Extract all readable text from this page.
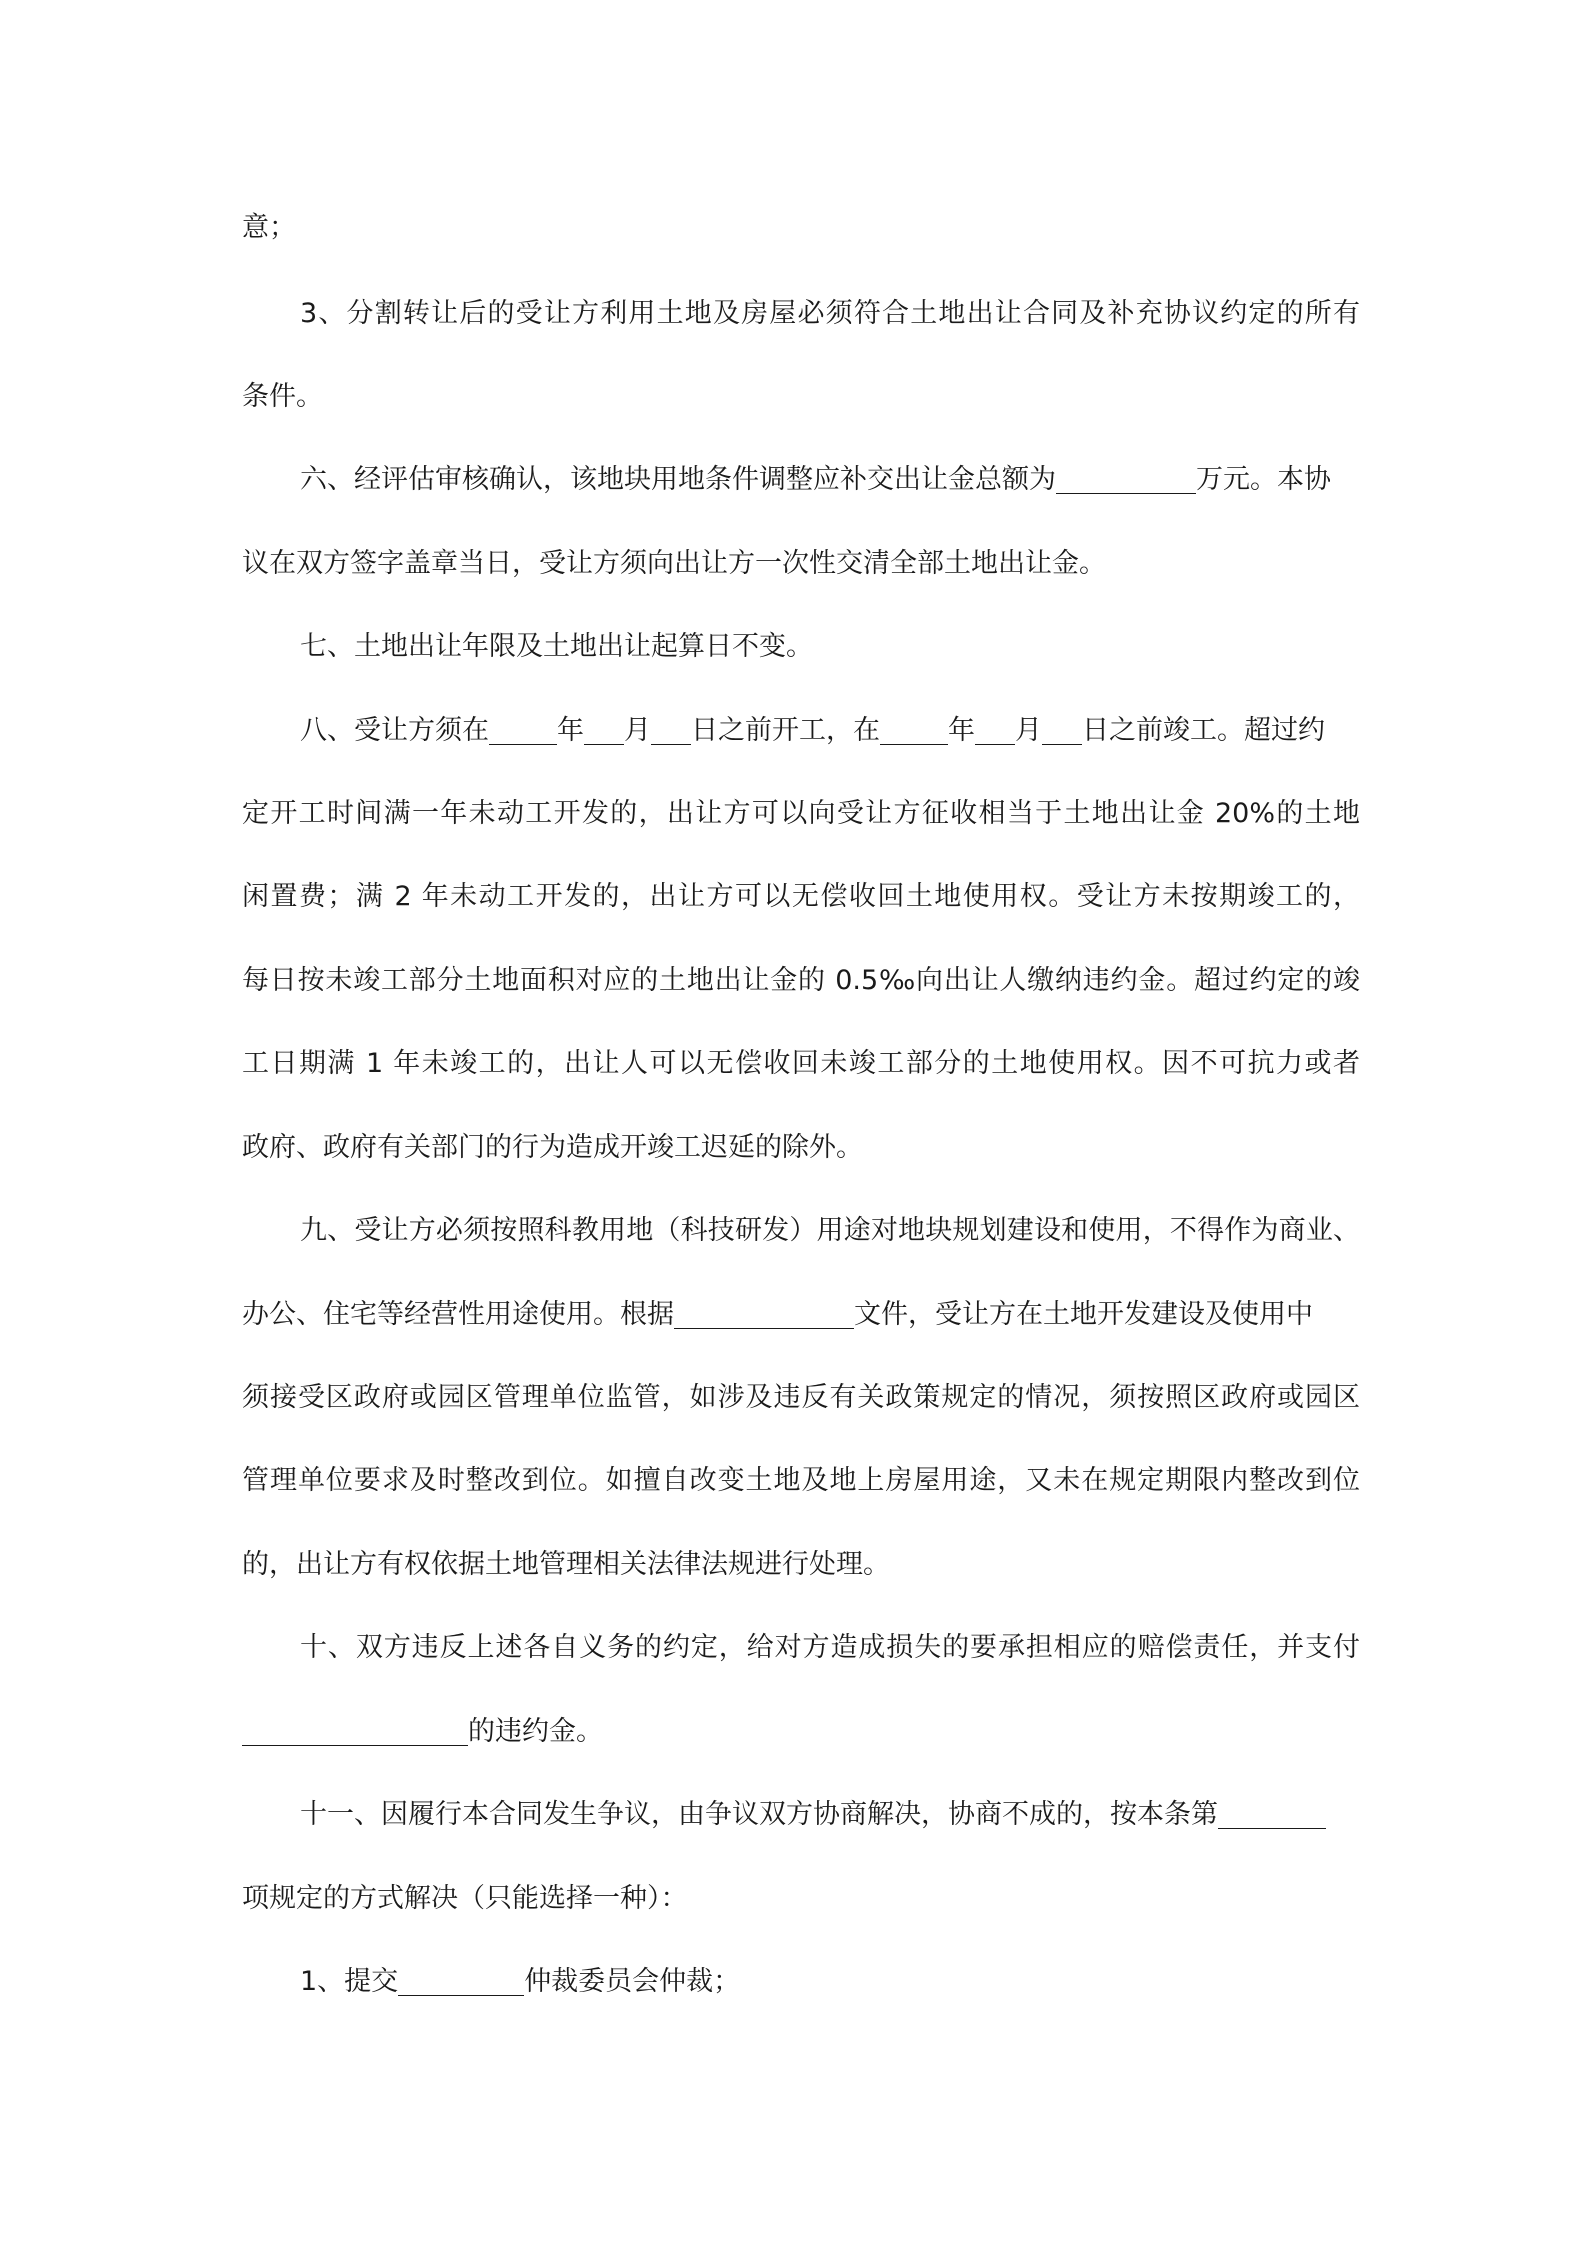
意；
3、分割转让后的受让方利用土地及房屋必须符合土地出让合同及补充协议约定的所有
条件。
六、经评估审核确认，该地块用地条件调整应补交出让金总额为	万元。本协
议在双方签字盖章当日，受让方须向出让方一次性交清全部土地出让金。
七、土地出让年限及土地出让起算日不变。
八、受让方须在	年 月 日之前开工，在	年 月 日之前竣工。超过约
定开工时间满一年未动工开发的，出让方可以向受让方征收相当于土地出让金 20%的土地
闲置费；满 2 年未动工开发的，出让方可以无偿收回土地使用权。受让方未按期竣工的，
每日按未竣工部分土地面积对应的土地出让金的 0.5‰向出让人缴纳违约金。超过约定的竣
工日期满 1 年未竣工的，出让人可以无偿收回未竣工部分的土地使用权。因不可抗力或者
政府、政府有关部门的行为造成开竣工迟延的除外。
九、受让方必须按照科教用地（科技研发）用途对地块规划建设和使用，不得作为商业、
办公、住宅等经营性用途使用。根据	文件，受让方在土地开发建设及使用中
须接受区政府或园区管理单位监管，如涉及违反有关政策规定的情况，须按照区政府或园区
管理单位要求及时整改到位。如擅自改变土地及地上房屋用途，又未在规定期限内整改到位
的，出让方有权依据土地管理相关法律法规进行处理。
十、双方违反上述各自义务的约定，给对方造成损失的要承担相应的赔偿责任，并支付
的违约金。
十一、因履行本合同发生争议，由争议双方协商解决，协商不成的，按本条第
项规定的方式解决（只能选择一种）：
1、提交	仲裁委员会仲裁；
